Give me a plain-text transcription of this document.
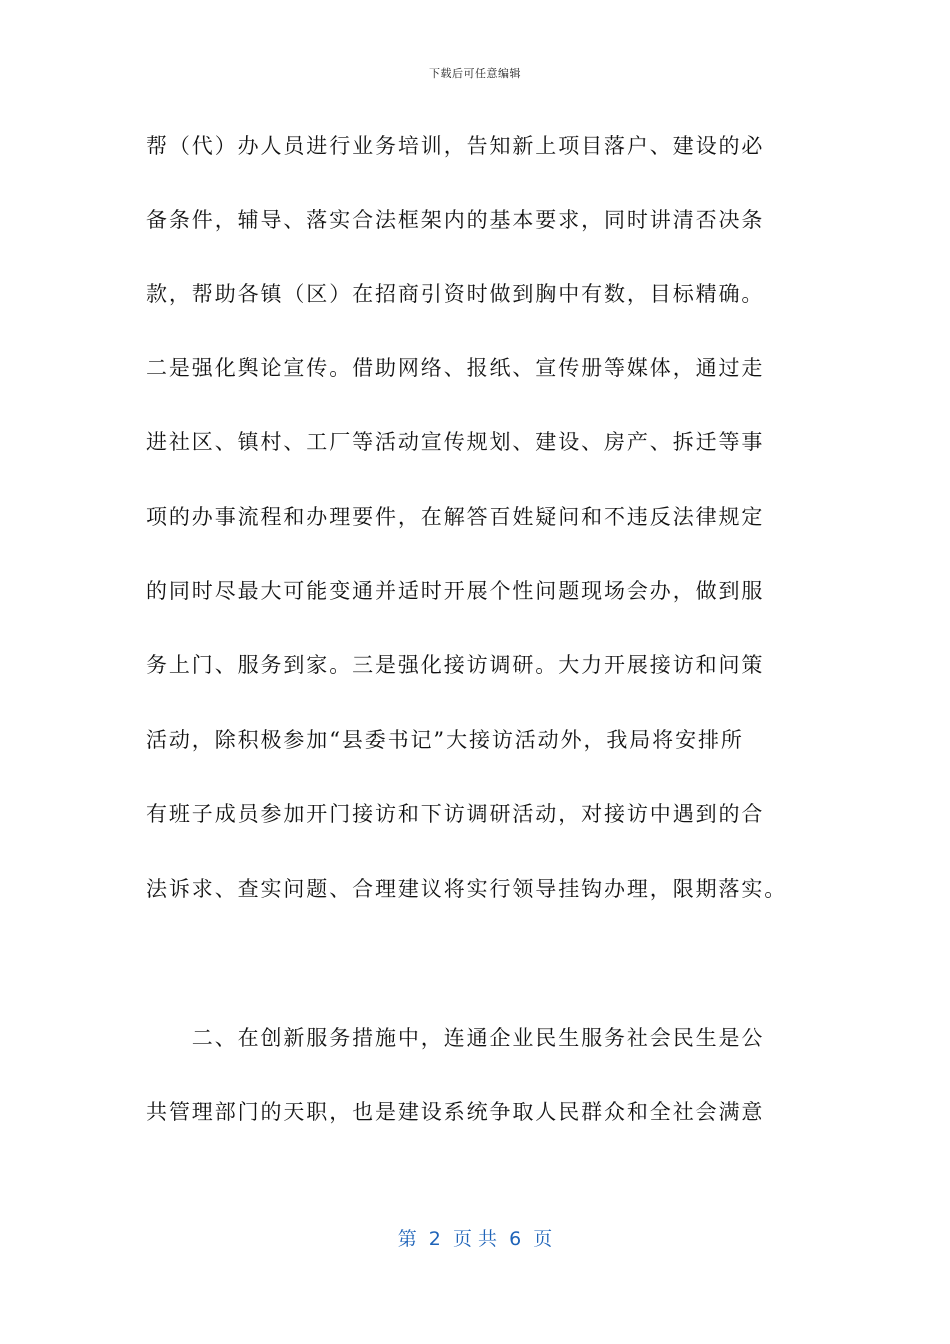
下载后可任意编辑
帮（代）办人员进行业务培训，告知新上项目落户、建设的必
备条件，辅导、落实合法框架内的基本要求，同时讲清否决条
款，帮助各镇（区）在招商引资时做到胸中有数，目标精确。
二是强化舆论宣传。借助网络、报纸、宣传册等媒体，通过走
进社区、镇村、工厂等活动宣传规划、建设、房产、拆迁等事
项的办事流程和办理要件，在解答百姓疑问和不违反法律规定
的同时尽最大可能变通并适时开展个性问题现场会办，做到服
务上门、服务到家。三是强化接访调研。大力开展接访和问策
活动，除积极参加“县委书记”大接访活动外，我局将安排所
有班子成员参加开门接访和下访调研活动，对接访中遇到的合
法诉求、查实问题、合理建议将实行领导挂钩办理，限期落实。
　　二、在创新服务措施中，连通企业民生服务社会民生是公
共管理部门的天职，也是建设系统争取人民群众和全社会满意
第  2  页 共  6  页
